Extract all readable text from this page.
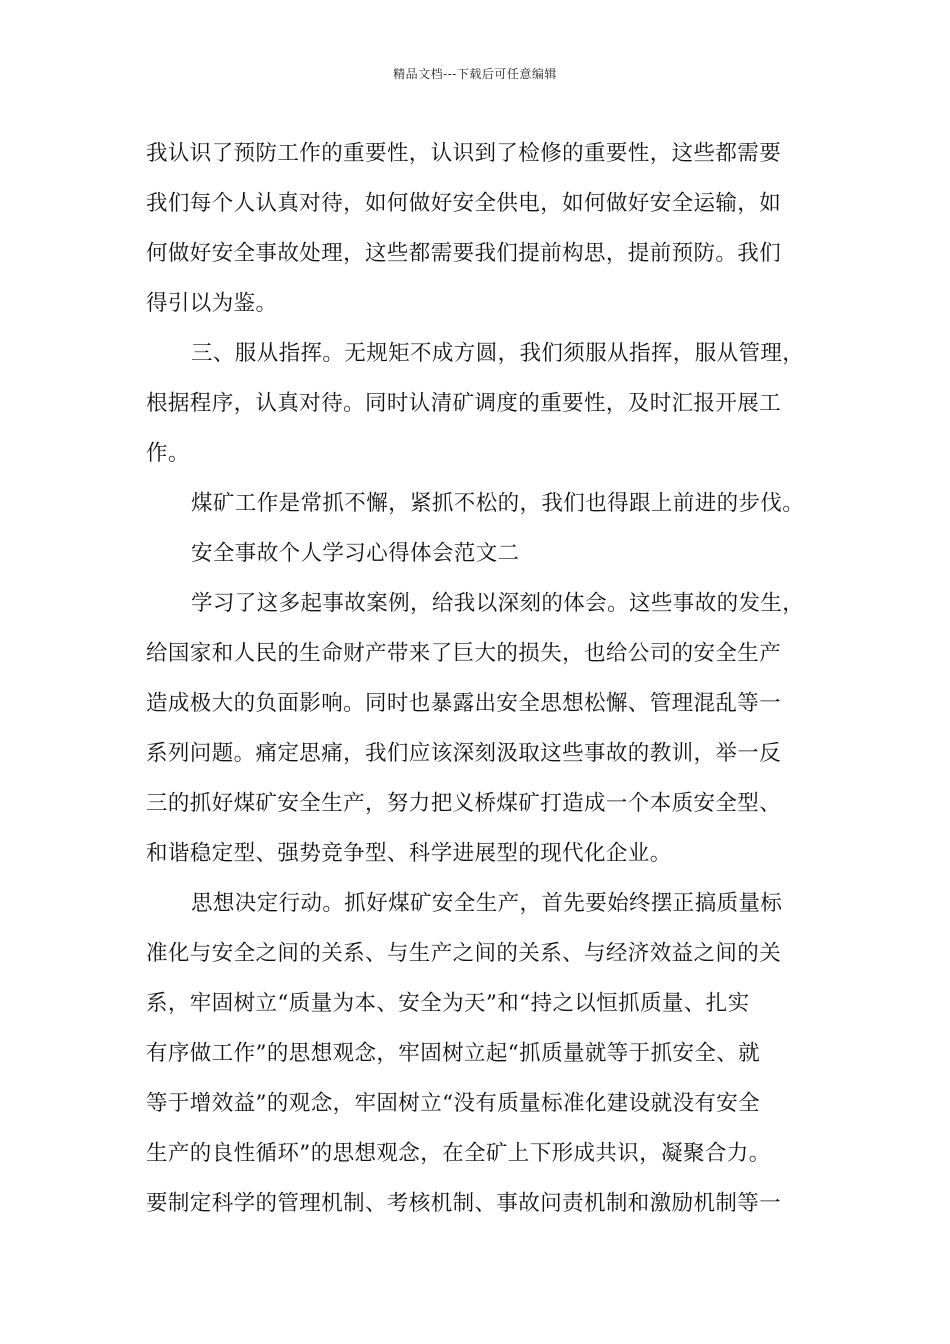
精品文档---下载后可任意编辑
我认识了预防工作的重要性，认识到了检修的重要性，这些都需要
我们每个人认真对待，如何做好安全供电，如何做好安全运输，如
何做好安全事故处理，这些都需要我们提前构思，提前预防。我们
得引以为鉴。
三、服从指挥。无规矩不成方圆，我们须服从指挥，服从管理，
根据程序，认真对待。同时认清矿调度的重要性，及时汇报开展工
作。
煤矿工作是常抓不懈，紧抓不松的，我们也得跟上前进的步伐。
安全事故个人学习心得体会范文二
学习了这多起事故案例，给我以深刻的体会。这些事故的发生，
给国家和人民的生命财产带来了巨大的损失，也给公司的安全生产
造成极大的负面影响。同时也暴露出安全思想松懈、管理混乱等一
系列问题。痛定思痛，我们应该深刻汲取这些事故的教训，举一反
三的抓好煤矿安全生产，努力把义桥煤矿打造成一个本质安全型、
和谐稳定型、强势竞争型、科学进展型的现代化企业。
思想决定行动。抓好煤矿安全生产，首先要始终摆正搞质量标
准化与安全之间的关系、与生产之间的关系、与经济效益之间的关
系，牢固树立“质量为本、安全为天”和“持之以恒抓质量、扎实
有序做工作”的思想观念，牢固树立起“抓质量就等于抓安全、就
等于增效益”的观念，牢固树立“没有质量标准化建设就没有安全
生产的良性循环”的思想观念，在全矿上下形成共识，凝聚合力。
要制定科学的管理机制、考核机制、事故问责机制和激励机制等一
